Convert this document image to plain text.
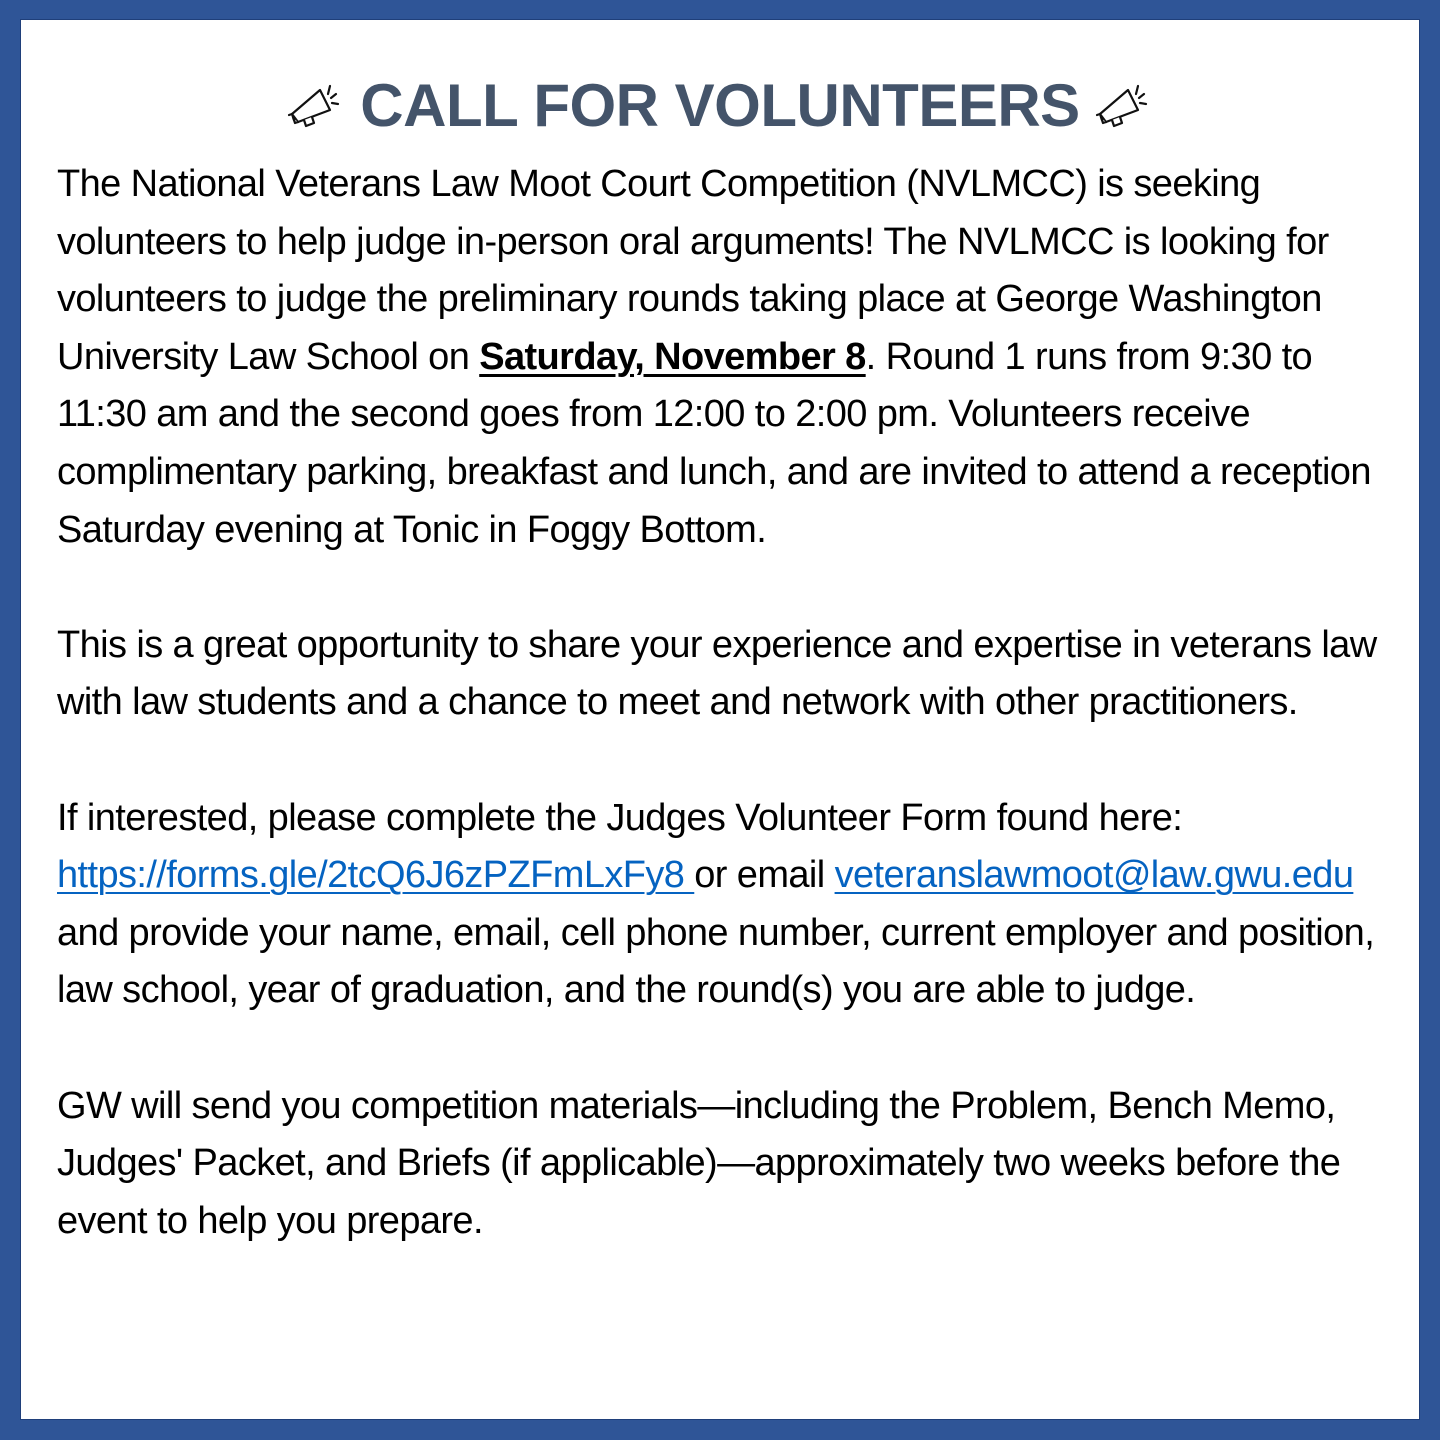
CALL FOR VOLUNTEERS

The National Veterans Law Moot Court Competition (NVLMCC) is seeking volunteers to help judge in-person oral arguments! The NVLMCC is looking for volunteers to judge the preliminary rounds taking place at George Washington University Law School on Saturday, November 8. Round 1 runs from 9:30 to 11:30 am and the second goes from 12:00 to 2:00 pm. Volunteers receive complimentary parking, breakfast and lunch, and are invited to attend a reception Saturday evening at Tonic in Foggy Bottom.

This is a great opportunity to share your experience and expertise in veterans law with law students and a chance to meet and network with other practitioners.

If interested, please complete the Judges Volunteer Form found here: https://forms.gle/2tcQ6J6zPZFmLxFy8 or email veteranslawmoot@law.gwu.edu and provide your name, email, cell phone number, current employer and position, law school, year of graduation, and the round(s) you are able to judge.

GW will send you competition materials—including the Problem, Bench Memo, Judges' Packet, and Briefs (if applicable)—approximately two weeks before the event to help you prepare.
